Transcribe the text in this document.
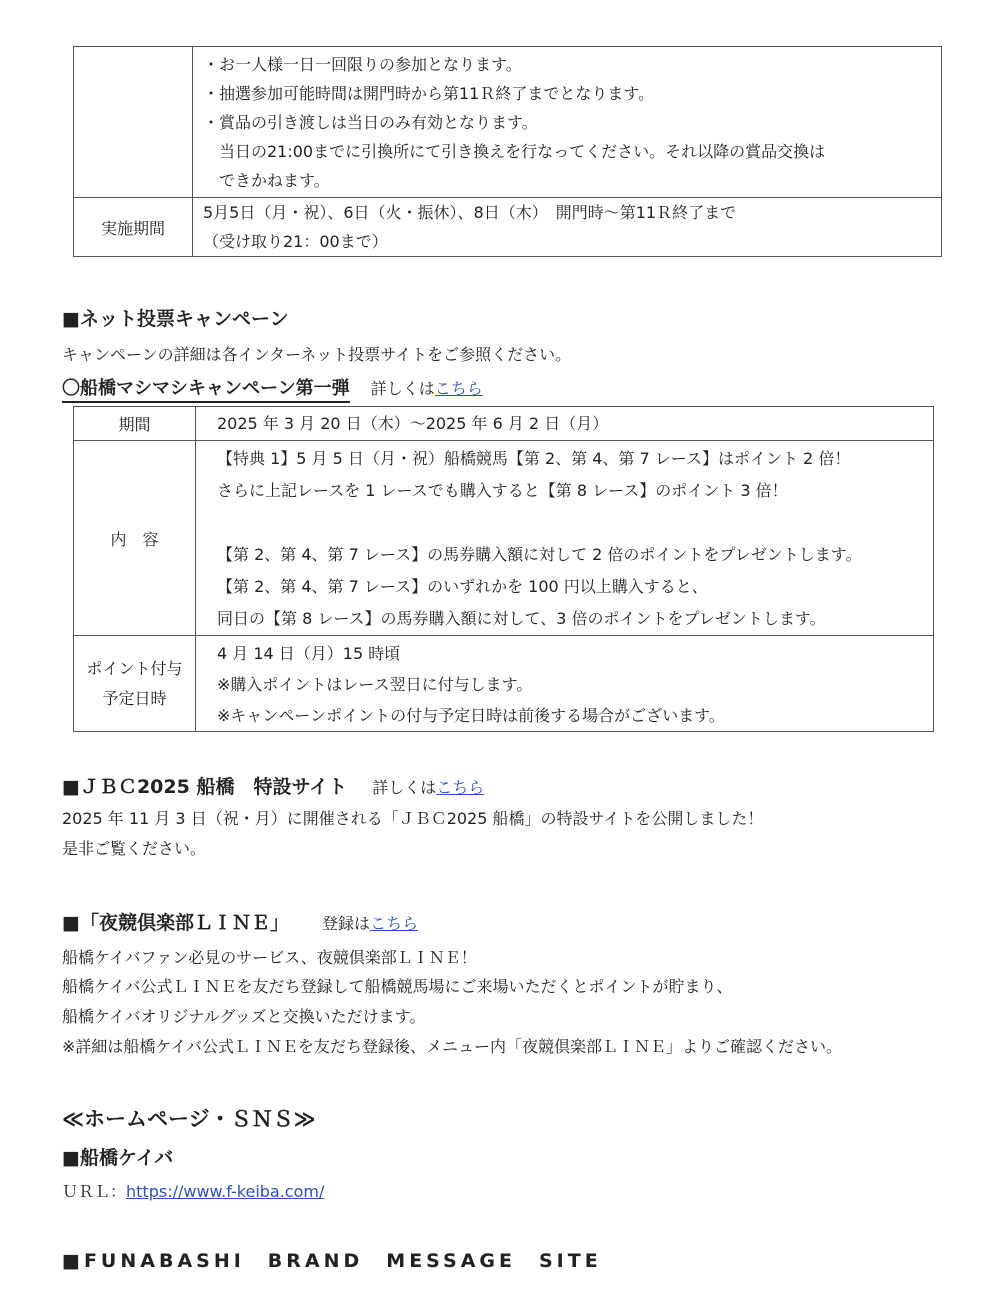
	・お一人様一日一回限りの参加となります。
・抽選参加可能時間は開門時から第11Ｒ終了までとなります。
・賞品の引き渡しは当日のみ有効となります。
　当日の21:00までに引換所にて引き換えを行なってください。それ以降の賞品交換は
　できかねます。

実施期間	5月5日（月・祝）、6日（火・振休）、8日（木）　開門時～第11Ｒ終了まで
（受け取り21：00まで）
■ネット投票キャンペーン
キャンペーンの詳細は各インターネット投票サイトをご参照ください。
〇船橋マシマシキャンペーン第一弾 詳しくはこちら
期間	2025 年 3 月 20 日（木）～2025 年 6 月 2 日（月）

内　容	【特典 1】5 月 5 日（月・祝）船橋競馬【第 2、第 4、第 7 レース】はポイント 2 倍！
さらに上記レースを 1 レースでも購入すると【第 8 レース】のポイント 3 倍！
【第 2、第 4、第 7 レース】の馬券購入額に対して 2 倍のポイントをプレゼントします。
【第 2、第 4、第 7 レース】のいずれかを 100 円以上購入すると、
同日の【第 8 レース】の馬券購入額に対して、3 倍のポイントをプレゼントします。

ポイント付与
予定日時	4 月 14 日（月）15 時頃
※購入ポイントはレース翌日に付与します。
※キャンペーンポイントの付与予定日時は前後する場合がございます。
■ＪＢＣ2025 船橋　特設サイト 詳しくはこちら
2025 年 11 月 3 日（祝・月）に開催される「ＪＢＣ2025 船橋」の特設サイトを公開しました！
是非ご覧ください。
■「夜競倶楽部ＬＩＮＥ」 登録はこちら
船橋ケイバファン必見のサービス、夜競倶楽部ＬＩＮＥ！
船橋ケイバ公式ＬＩＮＥを友だち登録して船橋競馬場にご来場いただくとポイントが貯まり、
船橋ケイバオリジナルグッズと交換いただけます。
※詳細は船橋ケイバ公式ＬＩＮＥを友だち登録後、メニュー内「夜競倶楽部ＬＩＮＥ」よりご確認ください。
≪ホームページ・ＳＮＳ≫
■船橋ケイバ
ＵＲＬ：https://www.f-keiba.com/
■FUNABASHI　BRAND　MESSAGE　SITE
